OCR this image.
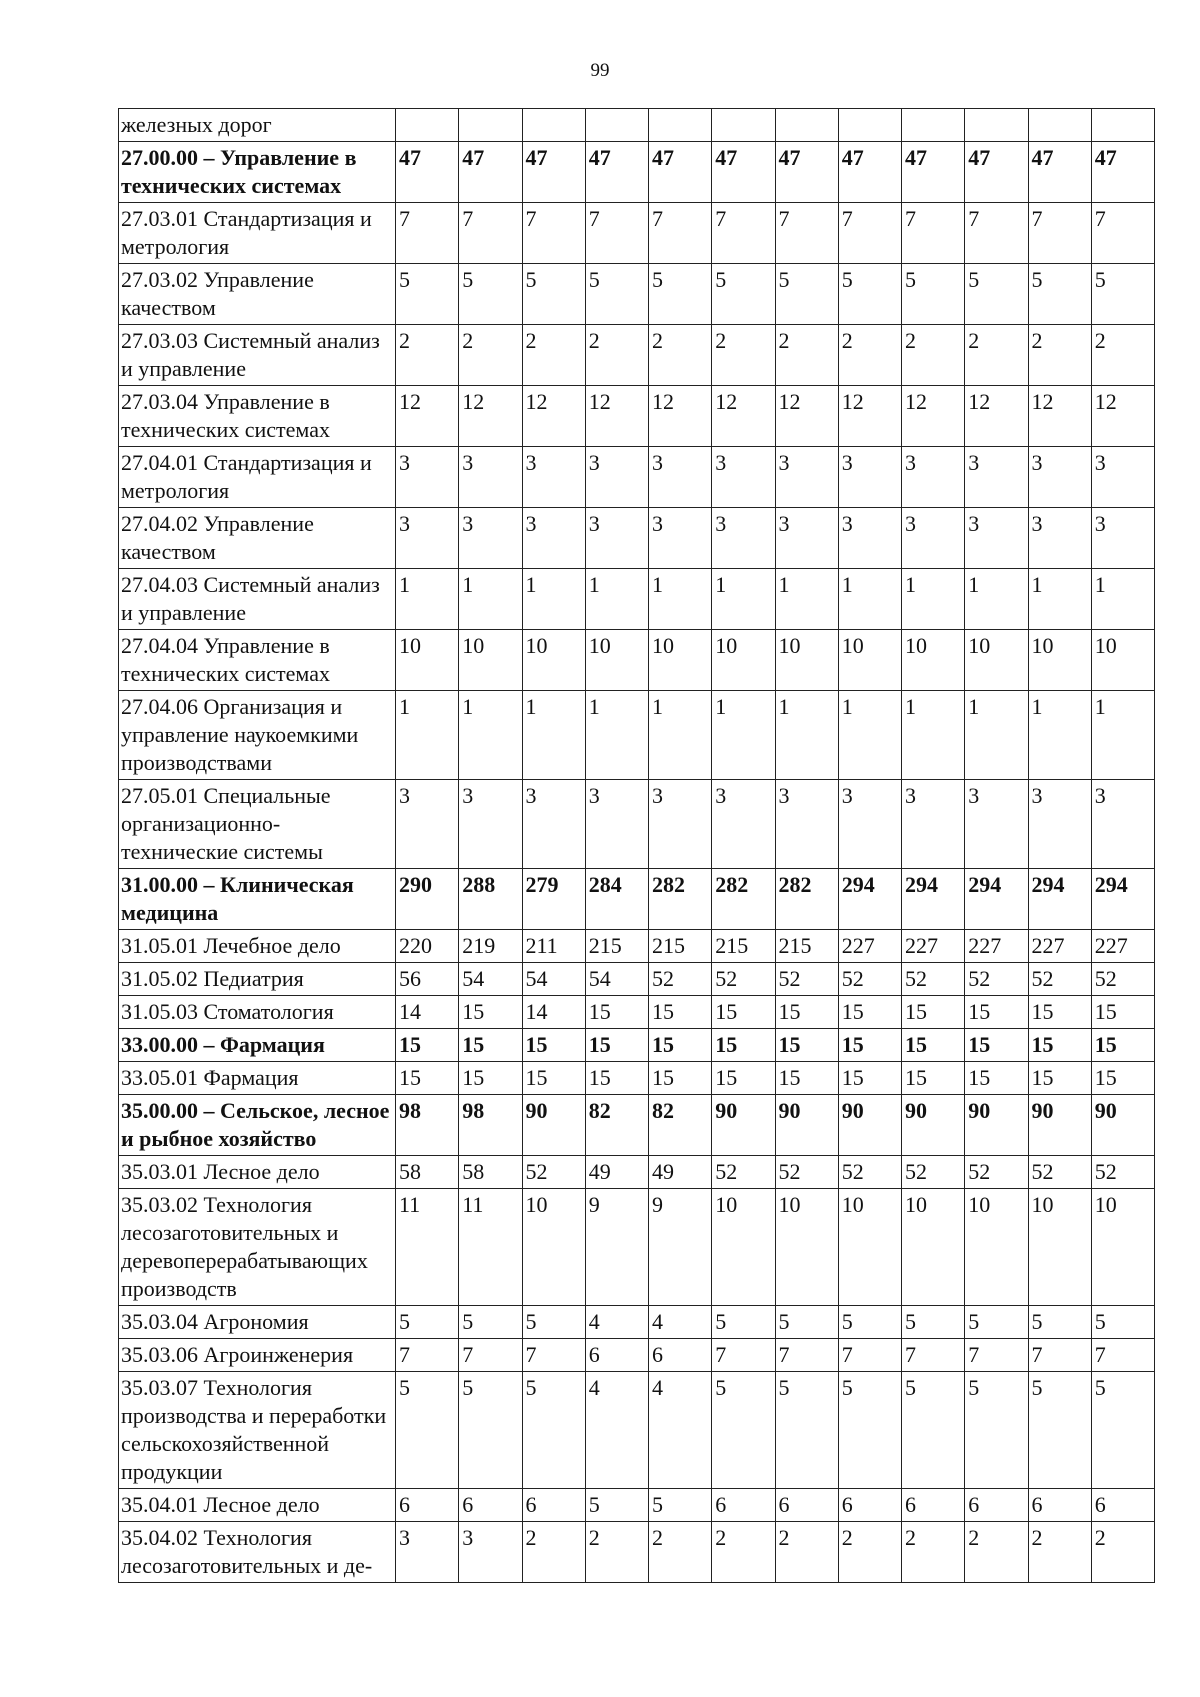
99
железных дорог												
27.00.00 – Управление в технических системах	47	47	47	47	47	47	47	47	47	47	47	47
27.03.01 Стандартизация и метрология	7	7	7	7	7	7	7	7	7	7	7	7
27.03.02 Управление качеством	5	5	5	5	5	5	5	5	5	5	5	5
27.03.03 Системный анализ и управление	2	2	2	2	2	2	2	2	2	2	2	2
27.03.04 Управление в технических системах	12	12	12	12	12	12	12	12	12	12	12	12
27.04.01 Стандартизация и метрология	3	3	3	3	3	3	3	3	3	3	3	3
27.04.02 Управление качеством	3	3	3	3	3	3	3	3	3	3	3	3
27.04.03 Системный анализ и управление	1	1	1	1	1	1	1	1	1	1	1	1
27.04.04 Управление в технических системах	10	10	10	10	10	10	10	10	10	10	10	10
27.04.06 Организация и управление наукоемкими производствами	1	1	1	1	1	1	1	1	1	1	1	1
27.05.01 Специальные организационно-технические системы	3	3	3	3	3	3	3	3	3	3	3	3
31.00.00 – Клиническая медицина	290	288	279	284	282	282	282	294	294	294	294	294
31.05.01 Лечебное дело	220	219	211	215	215	215	215	227	227	227	227	227
31.05.02 Педиатрия	56	54	54	54	52	52	52	52	52	52	52	52
31.05.03 Стоматология	14	15	14	15	15	15	15	15	15	15	15	15
33.00.00 – Фармация	15	15	15	15	15	15	15	15	15	15	15	15
33.05.01 Фармация	15	15	15	15	15	15	15	15	15	15	15	15
35.00.00 – Сельское, лесное и рыбное хозяйство	98	98	90	82	82	90	90	90	90	90	90	90
35.03.01 Лесное дело	58	58	52	49	49	52	52	52	52	52	52	52
35.03.02 Технология лесозаготовительных и деревоперерабатывающих производств	11	11	10	9	9	10	10	10	10	10	10	10
35.03.04 Агрономия	5	5	5	4	4	5	5	5	5	5	5	5
35.03.06 Агроинженерия	7	7	7	6	6	7	7	7	7	7	7	7
35.03.07 Технология производства и переработки сельскохозяйственной продукции	5	5	5	4	4	5	5	5	5	5	5	5
35.04.01 Лесное дело	6	6	6	5	5	6	6	6	6	6	6	6
35.04.02 Технология лесозаготовительных и де-	3	3	2	2	2	2	2	2	2	2	2	2
